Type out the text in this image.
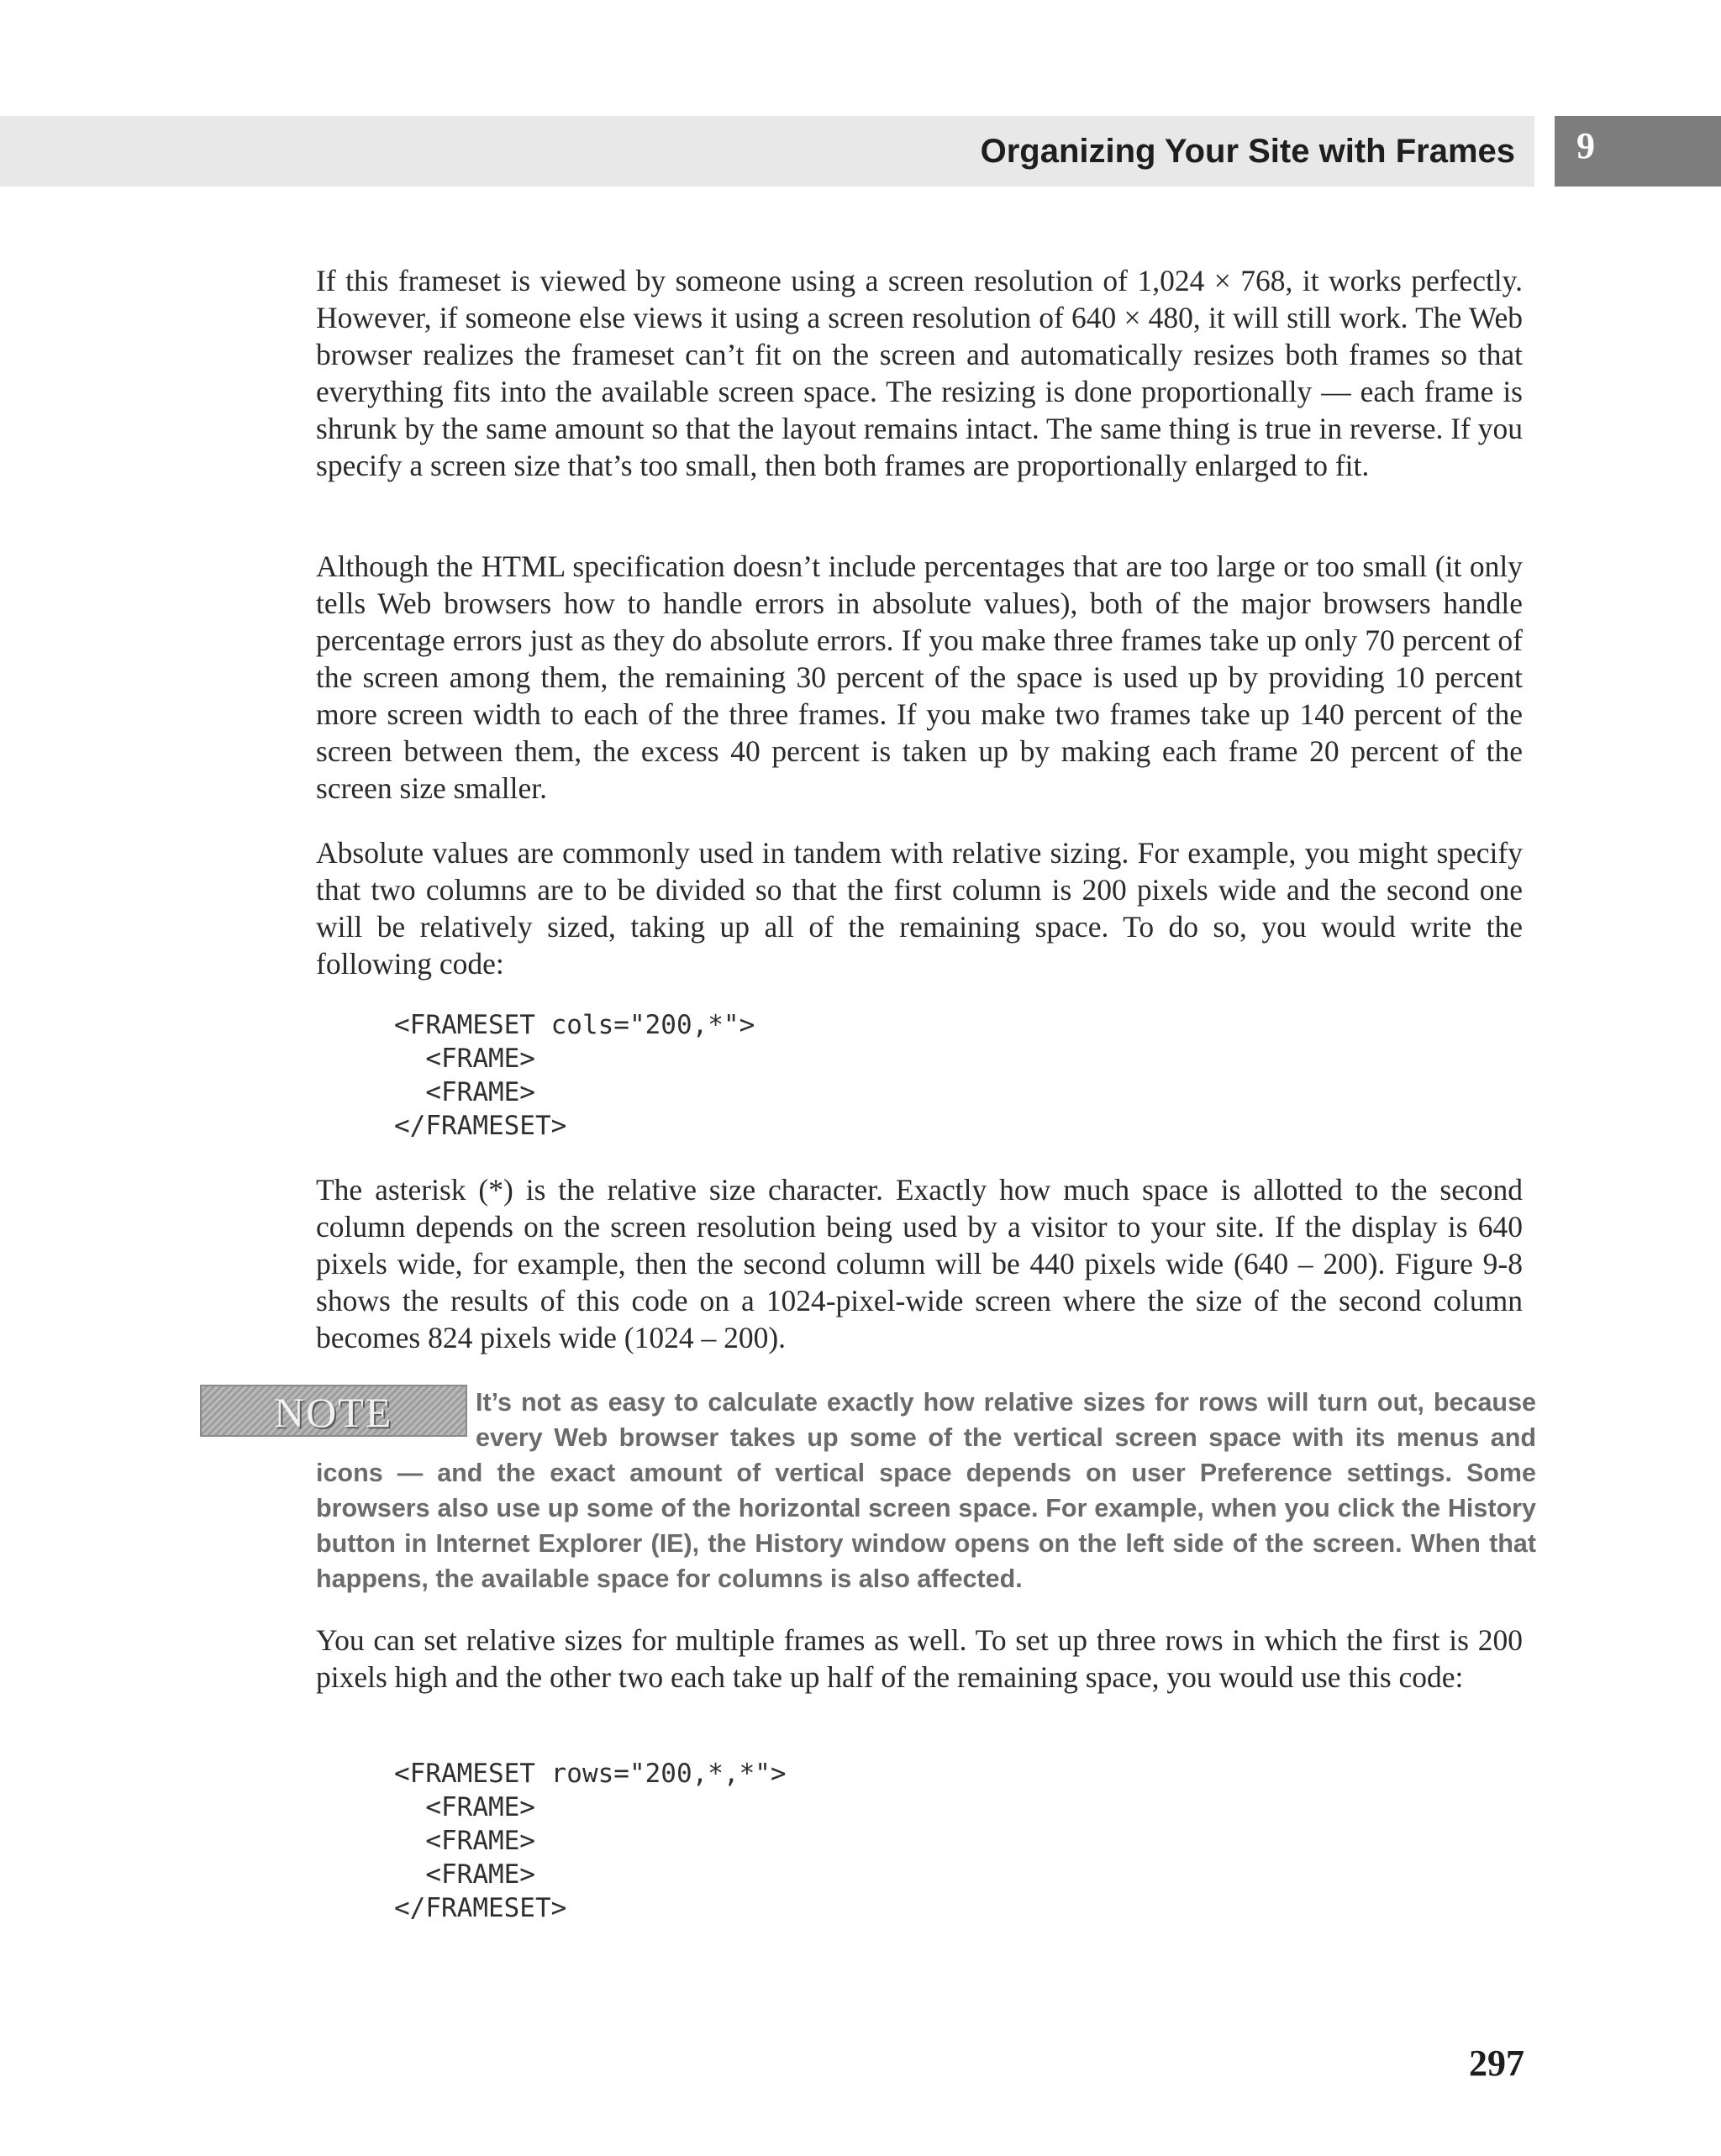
Organizing Your Site with Frames 9
NOTE

If this frameset is viewed by someone using a screen resolution of 1,024 × 768, it works perfectly. However, if someone else views it using a screen resolution of 640 × 480, it will still work. The Web browser realizes the frameset can’t fit on the screen and automatically resizes both frames so that everything fits into the available screen space. The resizing is done proportionally — each frame is shrunk by the same amount so that the layout remains intact. The same thing is true in reverse. If you specify a screen size that’s too small, then both frames are proportionally enlarged to fit.

Although the HTML specification doesn’t include percentages that are too large or too small (it only tells Web browsers how to handle errors in absolute values), both of the major browsers handle percentage errors just as they do absolute errors. If you make three frames take up only 70 percent of the screen among them, the remaining 30 percent of the space is used up by providing 10 percent more screen width to each of the three frames. If you make two frames take up 140 percent of the screen between them, the excess 40 percent is taken up by making each frame 20 percent of the screen size smaller.

Absolute values are commonly used in tandem with relative sizing. For example, you might specify that two columns are to be divided so that the first column is 200 pixels wide and the second one will be relatively sized, taking up all of the remaining space. To do so, you would write the following code:

<FRAMESET cols="200,*">
<FRAME>
<FRAME>
</FRAMESET>

The asterisk (*) is the relative size character. Exactly how much space is allotted to the second column depends on the screen resolution being used by a visitor to your site. If the display is 640 pixels wide, for example, then the second column will be 440 pixels wide (640 – 200). Figure 9-8 shows the results of this code on a 1024-pixel-wide screen where the size of the second column becomes 824 pixels wide (1024 – 200).

It’s not as easy to calculate exactly how relative sizes for rows will turn out, because every Web browser takes up some of the vertical screen space with its menus and icons — and the exact amount of vertical space depends on user Preference settings. Some browsers also use up some of the horizontal screen space. For example, when you click the History button in Internet Explorer (IE), the History window opens on the left side of the screen. When that happens, the available space for columns is also affected.

You can set relative sizes for multiple frames as well. To set up three rows in which the first is 200 pixels high and the other two each take up half of the remaining space, you would use this code:

<FRAMESET rows="200,*,*">
<FRAME>
<FRAME>
<FRAME>
</FRAMESET>
297
